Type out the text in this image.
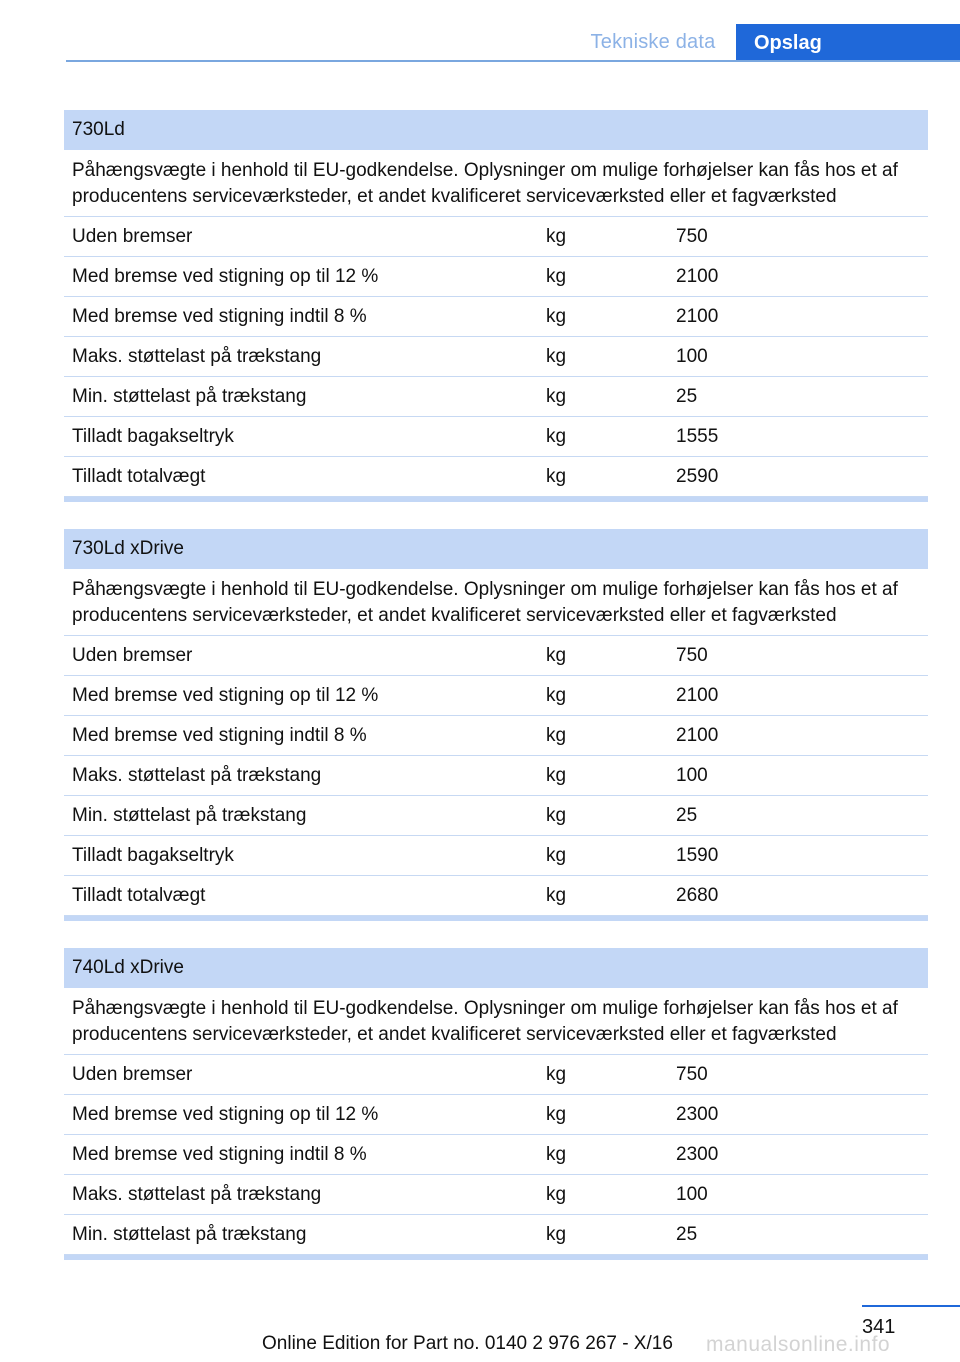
Tekniske data	Opslag
730Ld
Påhængsvægte i henhold til EU-godkendelse. Oplysninger om mulige forhøjelser kan fås hos et af producentens serviceværksteder, et andet kvalificeret serviceværksted eller et fagværksted
Uden bremser	kg	750
Med bremse ved stigning op til 12 %	kg	2100
Med bremse ved stigning indtil 8 %	kg	2100
Maks. støttelast på trækstang	kg	100
Min. støttelast på trækstang	kg	25
Tilladt bagakseltryk	kg	1555
Tilladt totalvægt	kg	2590
730Ld xDrive
Påhængsvægte i henhold til EU-godkendelse. Oplysninger om mulige forhøjelser kan fås hos et af producentens serviceværksteder, et andet kvalificeret serviceværksted eller et fagværksted
Uden bremser	kg	750
Med bremse ved stigning op til 12 %	kg	2100
Med bremse ved stigning indtil 8 %	kg	2100
Maks. støttelast på trækstang	kg	100
Min. støttelast på trækstang	kg	25
Tilladt bagakseltryk	kg	1590
Tilladt totalvægt	kg	2680
740Ld xDrive
Påhængsvægte i henhold til EU-godkendelse. Oplysninger om mulige forhøjelser kan fås hos et af producentens serviceværksteder, et andet kvalificeret serviceværksted eller et fagværksted
Uden bremser	kg	750
Med bremse ved stigning op til 12 %	kg	2300
Med bremse ved stigning indtil 8 %	kg	2300
Maks. støttelast på trækstang	kg	100
Min. støttelast på trækstang	kg	25
341
Online Edition for Part no. 0140 2 976 267 - X/16 manualsonline.info
